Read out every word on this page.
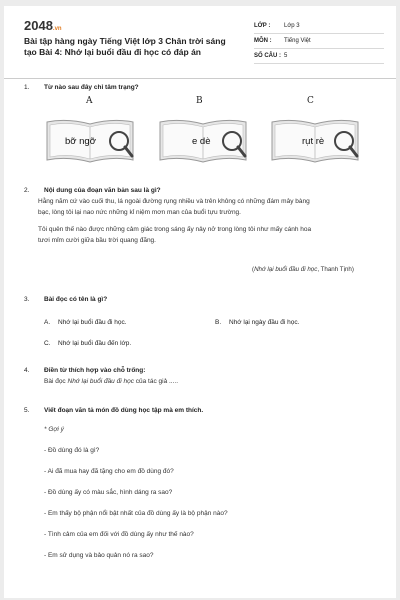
2048.vn
Bài tập hàng ngày Tiếng Việt lớp 3 Chân trời sáng tạo Bài 4: Nhớ lại buổi đầu đi học có đáp án
LỚP :	Lớp 3
MÔN :	Tiếng Việt
SỐ CÂU : 5
1. Từ nào sau đây chỉ tâm trạng?
A	B	C
bỡ ngỡ	e dè	rụt rè
2. Nội dung của đoạn văn bản sau là gì?
Hằng năm cứ vào cuối thu, lá ngoài đường rụng nhiều và trên không có những đám mây bàng
bạc, lòng tôi lại nao nức những kỉ niệm mơn man của buổi tựu trường.
Tôi quên thế nào được những cảm giác trong sáng ấy nảy nở trong lòng tôi như mấy cánh hoa
tươi mỉm cười giữa bầu trời quang đãng.
(Nhớ lại buổi đầu đi học, Thanh Tịnh)
3. Bài đọc có tên là gì?
A. Nhớ lại buổi đầu đi học.	B. Nhớ lại ngày đầu đi học.
C. Nhớ lại buổi đầu đến lớp.
4. Điền từ thích hợp vào chỗ trống:
Bài đọc Nhớ lại buổi đầu đi học của tác giả .....
5. Viết đoạn văn tả món đồ dùng học tập mà em thích.
* Gợi ý
- Đồ dùng đó là gì?
- Ai đã mua hay đã tặng cho em đồ dùng đó?
- Đồ dùng ấy có màu sắc, hình dáng ra sao?
- Em thấy bộ phận nổi bật nhất của đồ dùng ấy là bộ phận nào?
- Tình cảm của em đối với đồ dùng ấy như thế nào?
- Em sử dụng và bảo quản nó ra sao?
